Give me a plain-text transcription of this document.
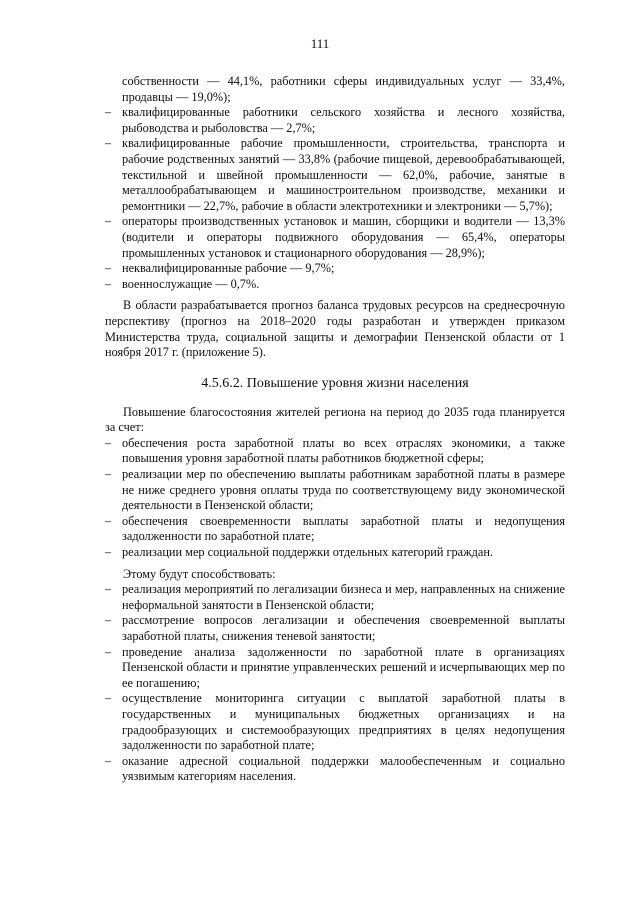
111
собственности — 44,1%, работники сферы индивидуальных услуг — 33,4%, продавцы — 19,0%);
– квалифицированные работники сельского хозяйства и лесного хозяйства, рыбоводства и рыболовства — 2,7%;
– квалифицированные рабочие промышленности, строительства, транспорта и рабочие родственных занятий — 33,8% (рабочие пищевой, деревообрабатывающей, текстильной и швейной промышленности — 62,0%, рабочие, занятые в металлообрабатывающем и машиностроительном производстве, механики и ремонтники — 22,7%, рабочие в области электротехники и электроники — 5,7%);
– операторы производственных установок и машин, сборщики и водители — 13,3% (водители и операторы подвижного оборудования — 65,4%, операторы промышленных установок и стационарного оборудования — 28,9%);
– неквалифицированные рабочие — 9,7%;
– военнослужащие — 0,7%.
В области разрабатывается прогноз баланса трудовых ресурсов на среднесрочную перспективу (прогноз на 2018–2020 годы разработан и утвержден приказом Министерства труда, социальной защиты и демографии Пензенской области от 1 ноября 2017 г. (приложение 5).
4.5.6.2. Повышение уровня жизни населения
Повышение благосостояния жителей региона на период до 2035 года планируется за счет:
– обеспечения роста заработной платы во всех отраслях экономики, а также повышения уровня заработной платы работников бюджетной сферы;
– реализации мер по обеспечению выплаты работникам заработной платы в размере не ниже среднего уровня оплаты труда по соответствующему виду экономической деятельности в Пензенской области;
– обеспечения своевременности выплаты заработной платы и недопущения задолженности по заработной плате;
– реализации мер социальной поддержки отдельных категорий граждан.
Этому будут способствовать:
– реализация мероприятий по легализации бизнеса и мер, направленных на снижение неформальной занятости в Пензенской области;
– рассмотрение вопросов легализации и обеспечения своевременной выплаты заработной платы, снижения теневой занятости;
– проведение анализа задолженности по заработной плате в организациях Пензенской области и принятие управленческих решений и исчерпывающих мер по ее погашению;
– осуществление мониторинга ситуации с выплатой заработной платы в государственных и муниципальных бюджетных организациях и на градообразующих и системообразующих предприятиях в целях недопущения задолженности по заработной плате;
– оказание адресной социальной поддержки малообеспеченным и социально уязвимым категориям населения.
